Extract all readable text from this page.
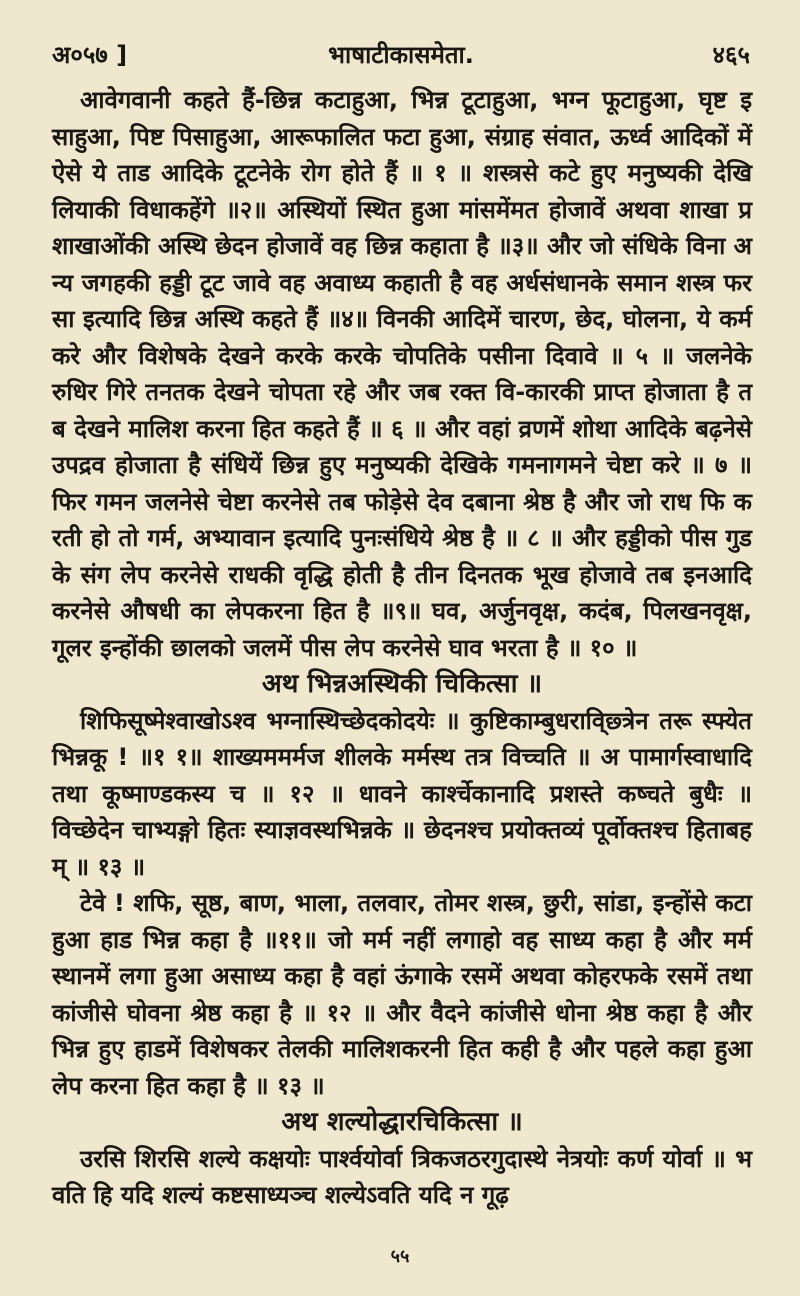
अ०५७ ]	भाषाटीकासमेता.	४६५

आवेगवानी कहते हैं-छिन्न कटाहुआ, भिन्न टूटाहुआ, भग्न फूटाहुआ, घृष्ट इसाहुआ, पिष्ट पिसाहुआ, आरूफालित फटा हुआ, संग्राह संवात, ऊर्ध्व आदिकों में ऐसे ये ताड आदिके टूटनेके रोग होते हैं ॥ १ ॥ शस्त्रसे कटे हुए मनुष्यकी देखि लियाकी विधाकहेंगे ॥२॥ अस्थियों स्थित हुआ मांसमेंमत होजावें अथवा शाखा प्रशाखाओंकी अस्थि छेदन होजावें वह छिन्न कहाता है ॥३॥ और जो संधिके विना अन्य जगहकी हड्डी टूट जावे वह अवाध्य कहाती है वह अर्धसंधानके समान शस्त्र फरसा इत्यादि छिन्न अस्थि कहते हैं ॥४॥ विनकी आदिमें चारण, छेद, घोलना, ये कर्म करे और विशेषके देखने करके करके चोपतिके पसीना दिवावे ॥ ५ ॥ जलनेके रुधिर गिरे तनतक देखने चोपता रहे और जब रक्त वि-कारकी प्राप्त होजाता है तब देखने मालिश करना हित कहते हैं ॥ ६ ॥ और वहां व्रणमें शोथा आदिके बढ़नेसे उपद्रव होजाता है संधियें छिन्न हुए मनुष्यकी देखिके गमनागमने चेष्टा करे ॥ ७ ॥ फिर गमन जलनेसे चेष्टा करनेसे तब फोड़ेसे देव दबाना श्रेष्ठ है और जो राध फि करती हो तो गर्म, अभ्यावान इत्यादि पुनःसंधिये श्रेष्ठ है ॥ ८ ॥ और हड्डीको पीस गुडके संग लेप करनेसे राधकी वृद्धि होती है तीन दिनतक भूख होजावे तब इनआदि करनेसे औषधी का लेपकरना हित है ॥९॥ घव, अर्जुनवृक्ष, कदंब, पिलखनवृक्ष, गूलर इन्होंकी छालको जलमें पीस लेप करनेसे घाव भरता है ॥ १० ॥

अथ भिन्नअस्थिकी चिकित्सा ॥

शिफिसूष्मेश्वाखोऽश्व भग्नास्थिच्छेदकोदयेः ॥ कुष्टिकाम्बुधरावि्छ्त्रेन तरू स्फ्येत भिन्नकू ! ॥१ १॥ शाख्यममर्मज शीलके मर्मस्थ तत्र विच्चति ॥ अ पामार्गस्वाधादि तथा कूष्माण्डकस्य च ॥ १२ ॥ धावने कार्श्चेकानादि प्रशस्ते कष्चते बुधैः ॥ विच्छेदेन चाभ्यङ्गो हितः स्याज्ञवस्थभिन्नके ॥ छेदनश्च प्रयोक्तव्यं पूर्वोक्तश्च हिताबहम् ॥ १३ ॥

टेवे ! शफि, सूष्ठ, बाण, भाला, तलवार, तोमर शस्त्र, छुरी, सांडा, इन्होंसे कटा हुआ हाड भिन्न कहा है ॥११॥ जो मर्म नहीं लगाहो वह साध्य कहा है और मर्मस्थानमें लगा हुआ असाध्य कहा है वहां ऊंगाके रसमें अथवा कोहरफके रसमें तथा कांजीसे घोवना श्रेष्ठ कहा है ॥ १२ ॥ और वैदने कांजीसे धोना श्रेष्ठ कहा है और भिन्न हुए हाडमें विशेषकर तेलकी मालिशकरनी हित कही है और पहले कहा हुआ लेप करना हित कहा है ॥ १३ ॥

अथ शल्योद्धारचिकित्सा ॥

उरसि शिरसि शल्ये कक्षयोः पार्श्वयोर्वा त्रिकजठरगुदास्थे नेत्रयोः कर्ण योर्वा ॥ भवति हि यदि शल्यं कष्टसाध्यञ्च शल्येऽवति यदि न गूढ़

५५
